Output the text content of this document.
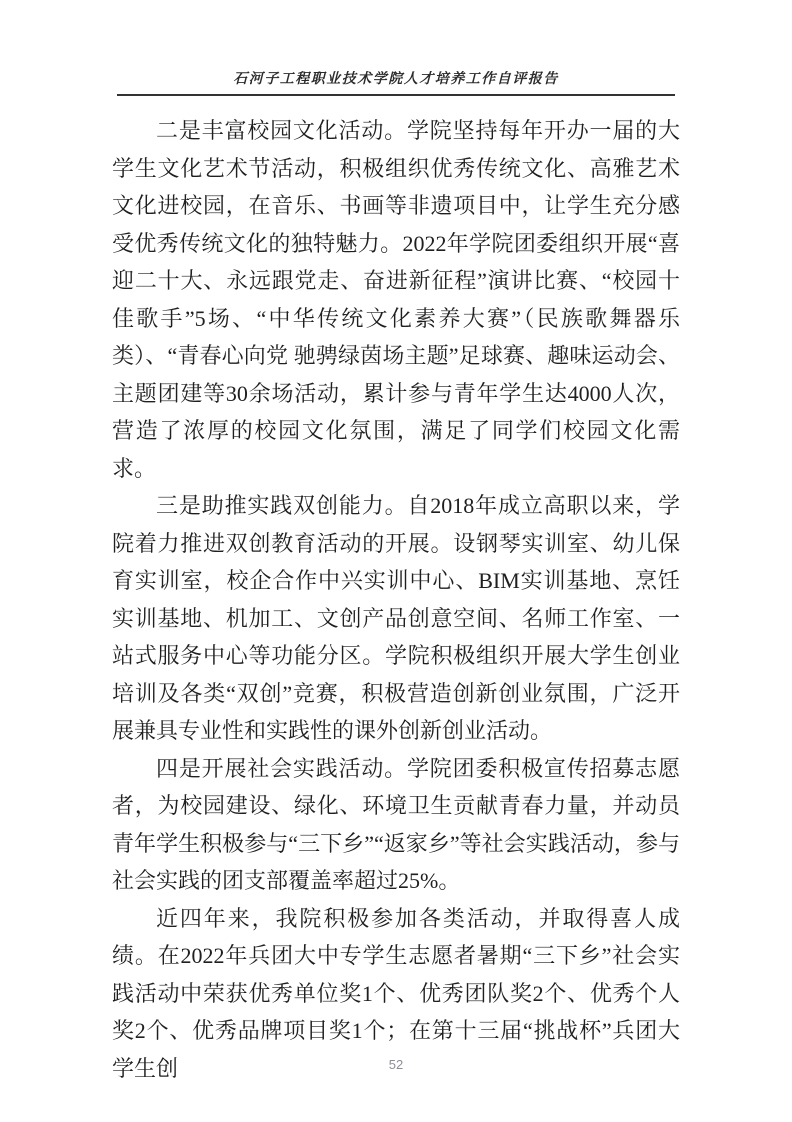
石河子工程职业技术学院人才培养工作自评报告

二是丰富校园文化活动。学院坚持每年开办一届的大学生文化艺术节活动，积极组织优秀传统文化、高雅艺术文化进校园，在音乐、书画等非遗项目中，让学生充分感受优秀传统文化的独特魅力。2022年学院团委组织开展“喜迎二十大、永远跟党走、奋进新征程”演讲比赛、“校园十佳歌手”5场、“中华传统文化素养大赛”（民族歌舞器乐类）、“青春心向党 驰骋绿茵场主题”足球赛、趣味运动会、主题团建等30余场活动，累计参与青年学生达4000人次，营造了浓厚的校园文化氛围，满足了同学们校园文化需求。

三是助推实践双创能力。自2018年成立高职以来，学院着力推进双创教育活动的开展。设钢琴实训室、幼儿保育实训室，校企合作中兴实训中心、BIM实训基地、烹饪实训基地、机加工、文创产品创意空间、名师工作室、一站式服务中心等功能分区。学院积极组织开展大学生创业培训及各类“双创”竞赛，积极营造创新创业氛围，广泛开展兼具专业性和实践性的课外创新创业活动。

四是开展社会实践活动。学院团委积极宣传招募志愿者，为校园建设、绿化、环境卫生贡献青春力量，并动员青年学生积极参与“三下乡”“返家乡”等社会实践活动，参与社会实践的团支部覆盖率超过25%。

近四年来，我院积极参加各类活动，并取得喜人成绩。在2022年兵团大中专学生志愿者暑期“三下乡”社会实践活动中荣获优秀单位奖1个、优秀团队奖2个、优秀个人奖2个、优秀品牌项目奖1个；在第十三届“挑战杯”兵团大学生创	52
